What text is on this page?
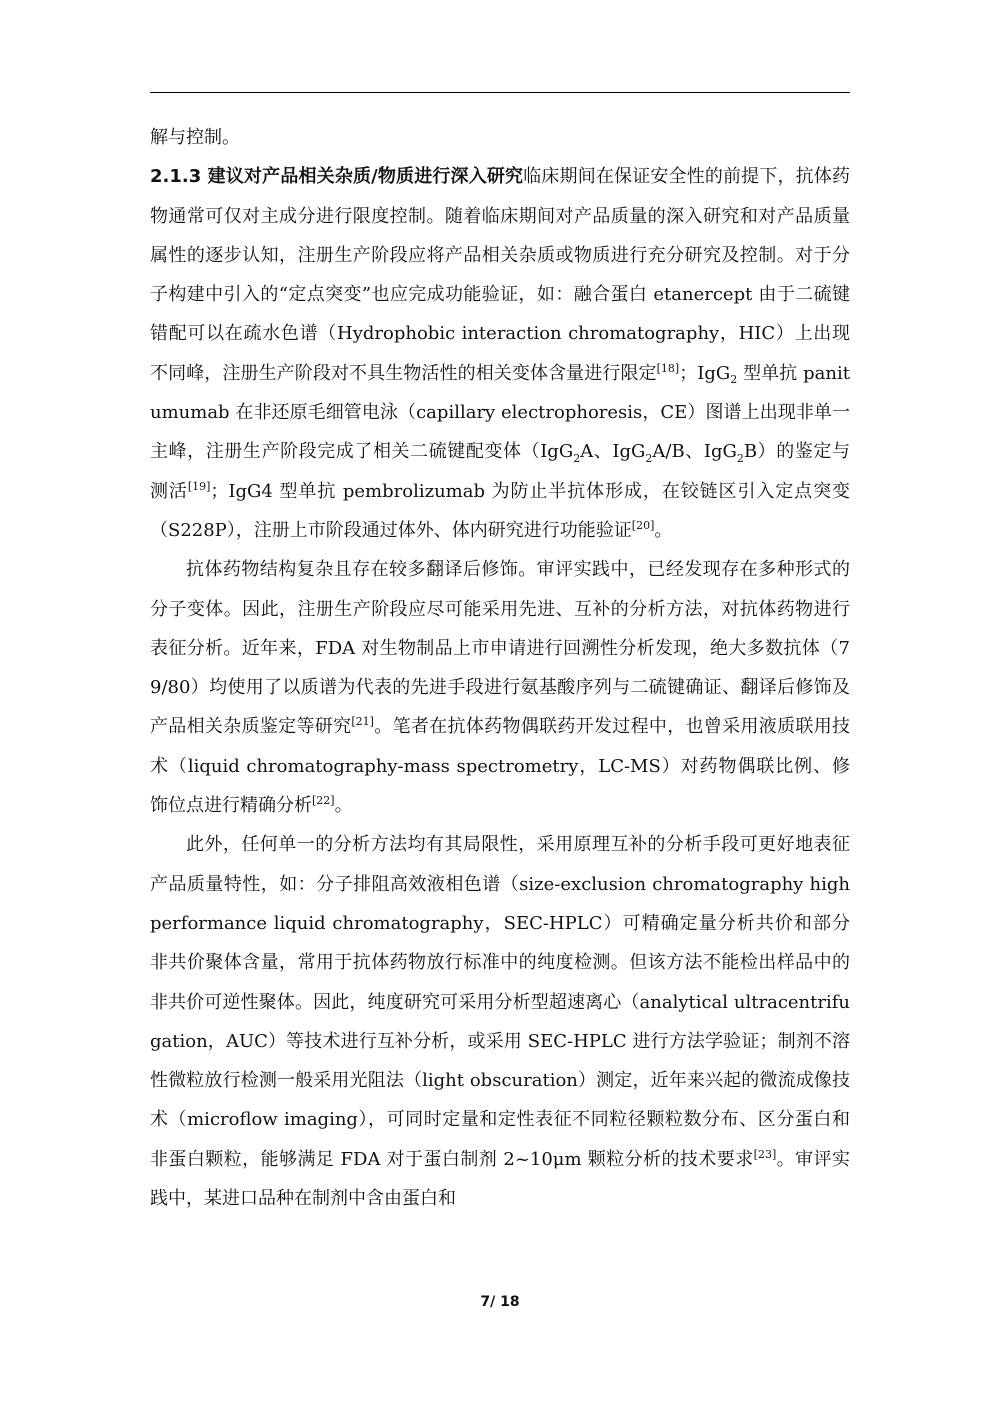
解与控制。

2.1.3 建议对产品相关杂质/物质进行深入研究临床期间在保证安全性的前提下，抗体药物通常可仅对主成分进行限度控制。随着临床期间对产品质量的深入研究和对产品质量属性的逐步认知，注册生产阶段应将产品相关杂质或物质进行充分研究及控制。对于分子构建中引入的“定点突变”也应完成功能验证，如：融合蛋白 etanercept 由于二硫键错配可以在疏水色谱（Hydrophobic interaction chromatography，HIC）上出现不同峰，注册生产阶段对不具生物活性的相关变体含量进行限定[18]；IgG$_2$ 型单抗 panitumumab 在非还原毛细管电泳（capillary electrophoresis，CE）图谱上出现非单一主峰，注册生产阶段完成了相关二硫键配变体（IgG$_2$A、IgG$_2$A/B、IgG$_2$B）的鉴定与测活[19]；IgG4 型单抗 pembrolizumab 为防止半抗体形成，在铰链区引入定点突变（S228P），注册上市阶段通过体外、体内研究进行功能验证[20]。

抗体药物结构复杂且存在较多翻译后修饰。审评实践中，已经发现存在多种形式的分子变体。因此，注册生产阶段应尽可能采用先进、互补的分析方法，对抗体药物进行表征分析。近年来，FDA 对生物制品上市申请进行回溯性分析发现，绝大多数抗体（79/80）均使用了以质谱为代表的先进手段进行氨基酸序列与二硫键确证、翻译后修饰及产品相关杂质鉴定等研究[21]。笔者在抗体药物偶联药开发过程中，也曾采用液质联用技术（liquid chromatography-mass spectrometry，LC-MS）对药物偶联比例、修饰位点进行精确分析[22]。

此外，任何单一的分析方法均有其局限性，采用原理互补的分析手段可更好地表征产品质量特性，如：分子排阻高效液相色谱（size-exclusion chromatography high performance liquid chromatography，SEC-HPLC）可精确定量分析共价和部分非共价聚体含量，常用于抗体药物放行标准中的纯度检测。但该方法不能检出样品中的非共价可逆性聚体。因此，纯度研究可采用分析型超速离心（analytical ultracentrifugation，AUC）等技术进行互补分析，或采用 SEC-HPLC 进行方法学验证；制剂不溶性微粒放行检测一般采用光阻法（light obscuration）测定，近年来兴起的微流成像技术（microflow imaging），可同时定量和定性表征不同粒径颗粒数分布、区分蛋白和非蛋白颗粒，能够满足 FDA 对于蛋白制剂 2~10μm 颗粒分析的技术要求[23]。审评实践中，某进口品种在制剂中含由蛋白和

7/ 18
